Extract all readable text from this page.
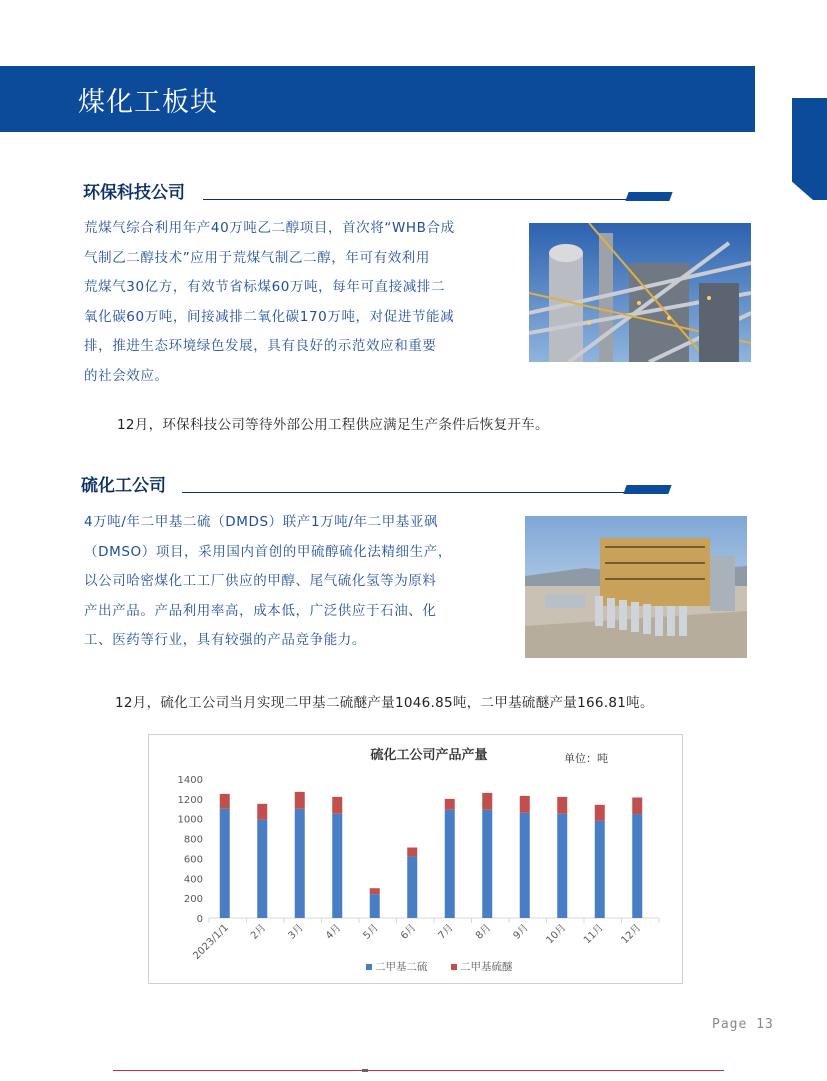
煤化工板块
环保科技公司
荒煤气综合利用年产40万吨乙二醇项目，首次将“WHB合成
气制乙二醇技术”应用于荒煤气制乙二醇，年可有效利用
荒煤气30亿方，有效节省标煤60万吨，每年可直接减排二
氧化碳60万吨，间接减排二氧化碳170万吨，对促进节能减
排，推进生态环境绿色发展，具有良好的示范效应和重要
的社会效应。
12月，环保科技公司等待外部公用工程供应满足生产条件后恢复开车。
硫化工公司
4万吨/年二甲基二硫（DMDS）联产1万吨/年二甲基亚砜
（DMSO）项目，采用国内首创的甲硫醇硫化法精细生产，
以公司哈密煤化工工厂供应的甲醇、尾气硫化氢等为原料
产出产品。产品利用率高，成本低，广泛供应于石油、化
工、医药等行业，具有较强的产品竞争能力。
12月，硫化工公司当月实现二甲基二硫醚产量1046.85吨，二甲基硫醚产量166.81吨。
硫化工公司产品产量	单位：吨
0
200
400
600
800
1000
1200
1400
2023/1/1 2月 3月 4月 5月 6月 7月 8月 9月 10月 11月 12月
二甲基二硫	二甲基硫醚
Page 13
